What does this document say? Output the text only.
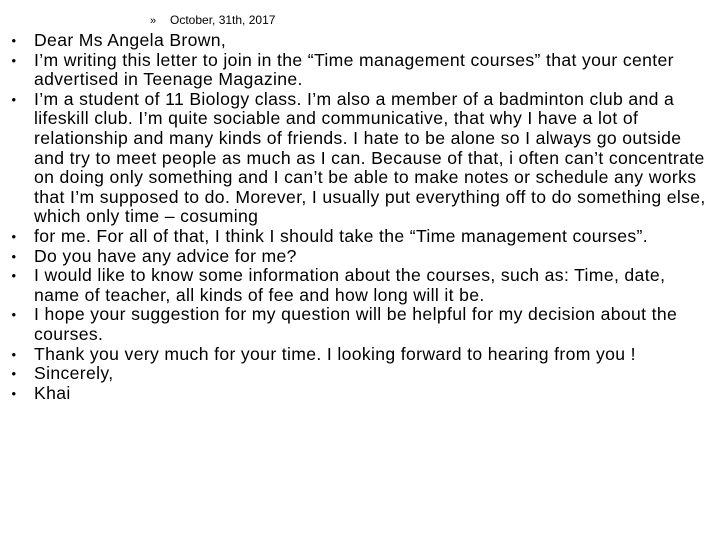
» October, 31th, 2017
• Dear Ms Angela Brown,
• I’m writing this letter to join in the “Time management courses” that your center advertised in Teenage Magazine.
• I’m a student of 11 Biology class. I’m also a member of a badminton club and a lifeskill club. I’m quite sociable and communicative, that why I have a lot of relationship and many kinds of friends. I hate to be alone so I always go outside and try to meet people as much as I can. Because of that, i often can’t concentrate on doing only something and I can’t be able to make notes or schedule any works that I’m supposed to do. Morever, I usually put everything off to do something else, which only time – cosuming
• for me. For all of that, I think I should take the “Time management courses”.
• Do you have any advice for me?
• I would like to know some information about the courses, such as: Time, date, name of teacher, all kinds of fee and how long will it be.
• I hope your suggestion for my question will be helpful for my decision about the courses.
• Thank you very much for your time. I looking forward to hearing from you !
• Sincerely,
• Khai
